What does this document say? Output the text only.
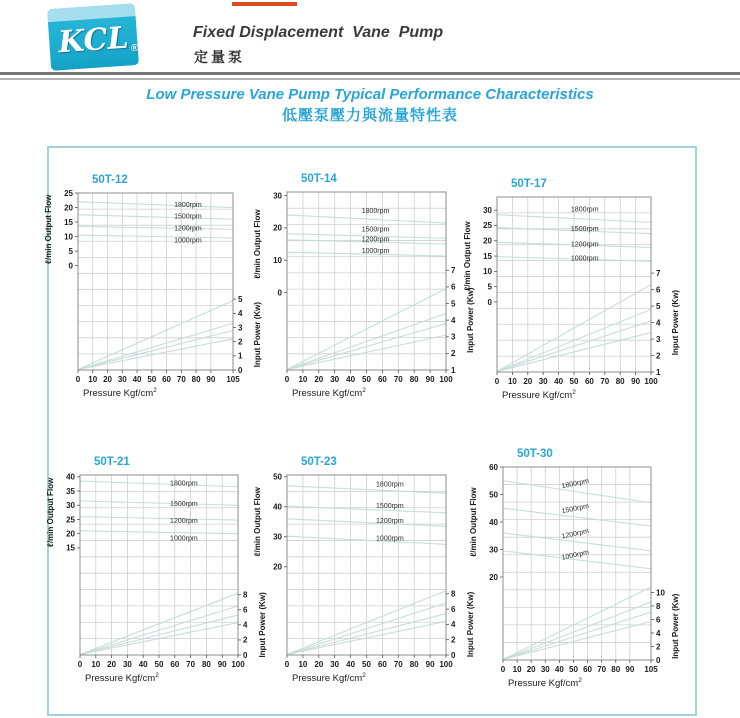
KCL®
Fixed Displacement  Vane  Pump
定量泵
Low Pressure Vane Pump Typical Performance Characteristics
低壓泵壓力與流量特性表
25
20
15
10
5
0
5
4
3
2
1
0
0 10 20 30 40 50 60 70 80 90 105
1800rpm
1500rpm
1200rpm
1000rpm
ℓ/min Output Flow
Input Power (Kw)
Pressure Kgf/$cm^2$
50T-12
30
20
10
0
7
6
5
4
3
2
1
0 10 20 30 40 50 60 70 80 90 100
1800rpm
1500rpm
1200rpm
1000rpm
ℓ/min Output Flow
Input Power (Kw)
Pressure Kgf/$cm^2$
50T-14
30
25
20
15
10
5
0
7
6
5
4
3
2
1
0 10 20 30 40 50 60 70 80 90 100
1800rpm
1500rpm
1200rpm
1000rpm
ℓ/min Output Flow
Input Power (Kw)
Pressure Kgf/$cm^2$
50T-17
40
35
30
25
20
15
8
6
4
2
0
0 10 20 30 40 50 60 70 80 90 100
1800rpm
1500rpm
1200rpm
1000rpm
ℓ/min Output Flow
Input Power (Kw)
Pressure Kgf/$cm^2$
50T-21
50
40
30
20
8
6
4
2
0
0 10 20 30 40 50 60 70 80 90 100
1800rpm
1500rpm
1200rpm
1000rpm
ℓ/min Output Flow
Input Power (Kw)
Pressure Kgf/$cm^2$
50T-23	60
50
40
30
20
10
8
6
4
2
0
0 10 20 30 40 50 60 70 80 90 105
1800rpm
1500rpm
1200rpm
1000rpm
ℓ/min Output Flow
Input Power (Kw)
Pressure Kgf/$cm^2$
50T-30
